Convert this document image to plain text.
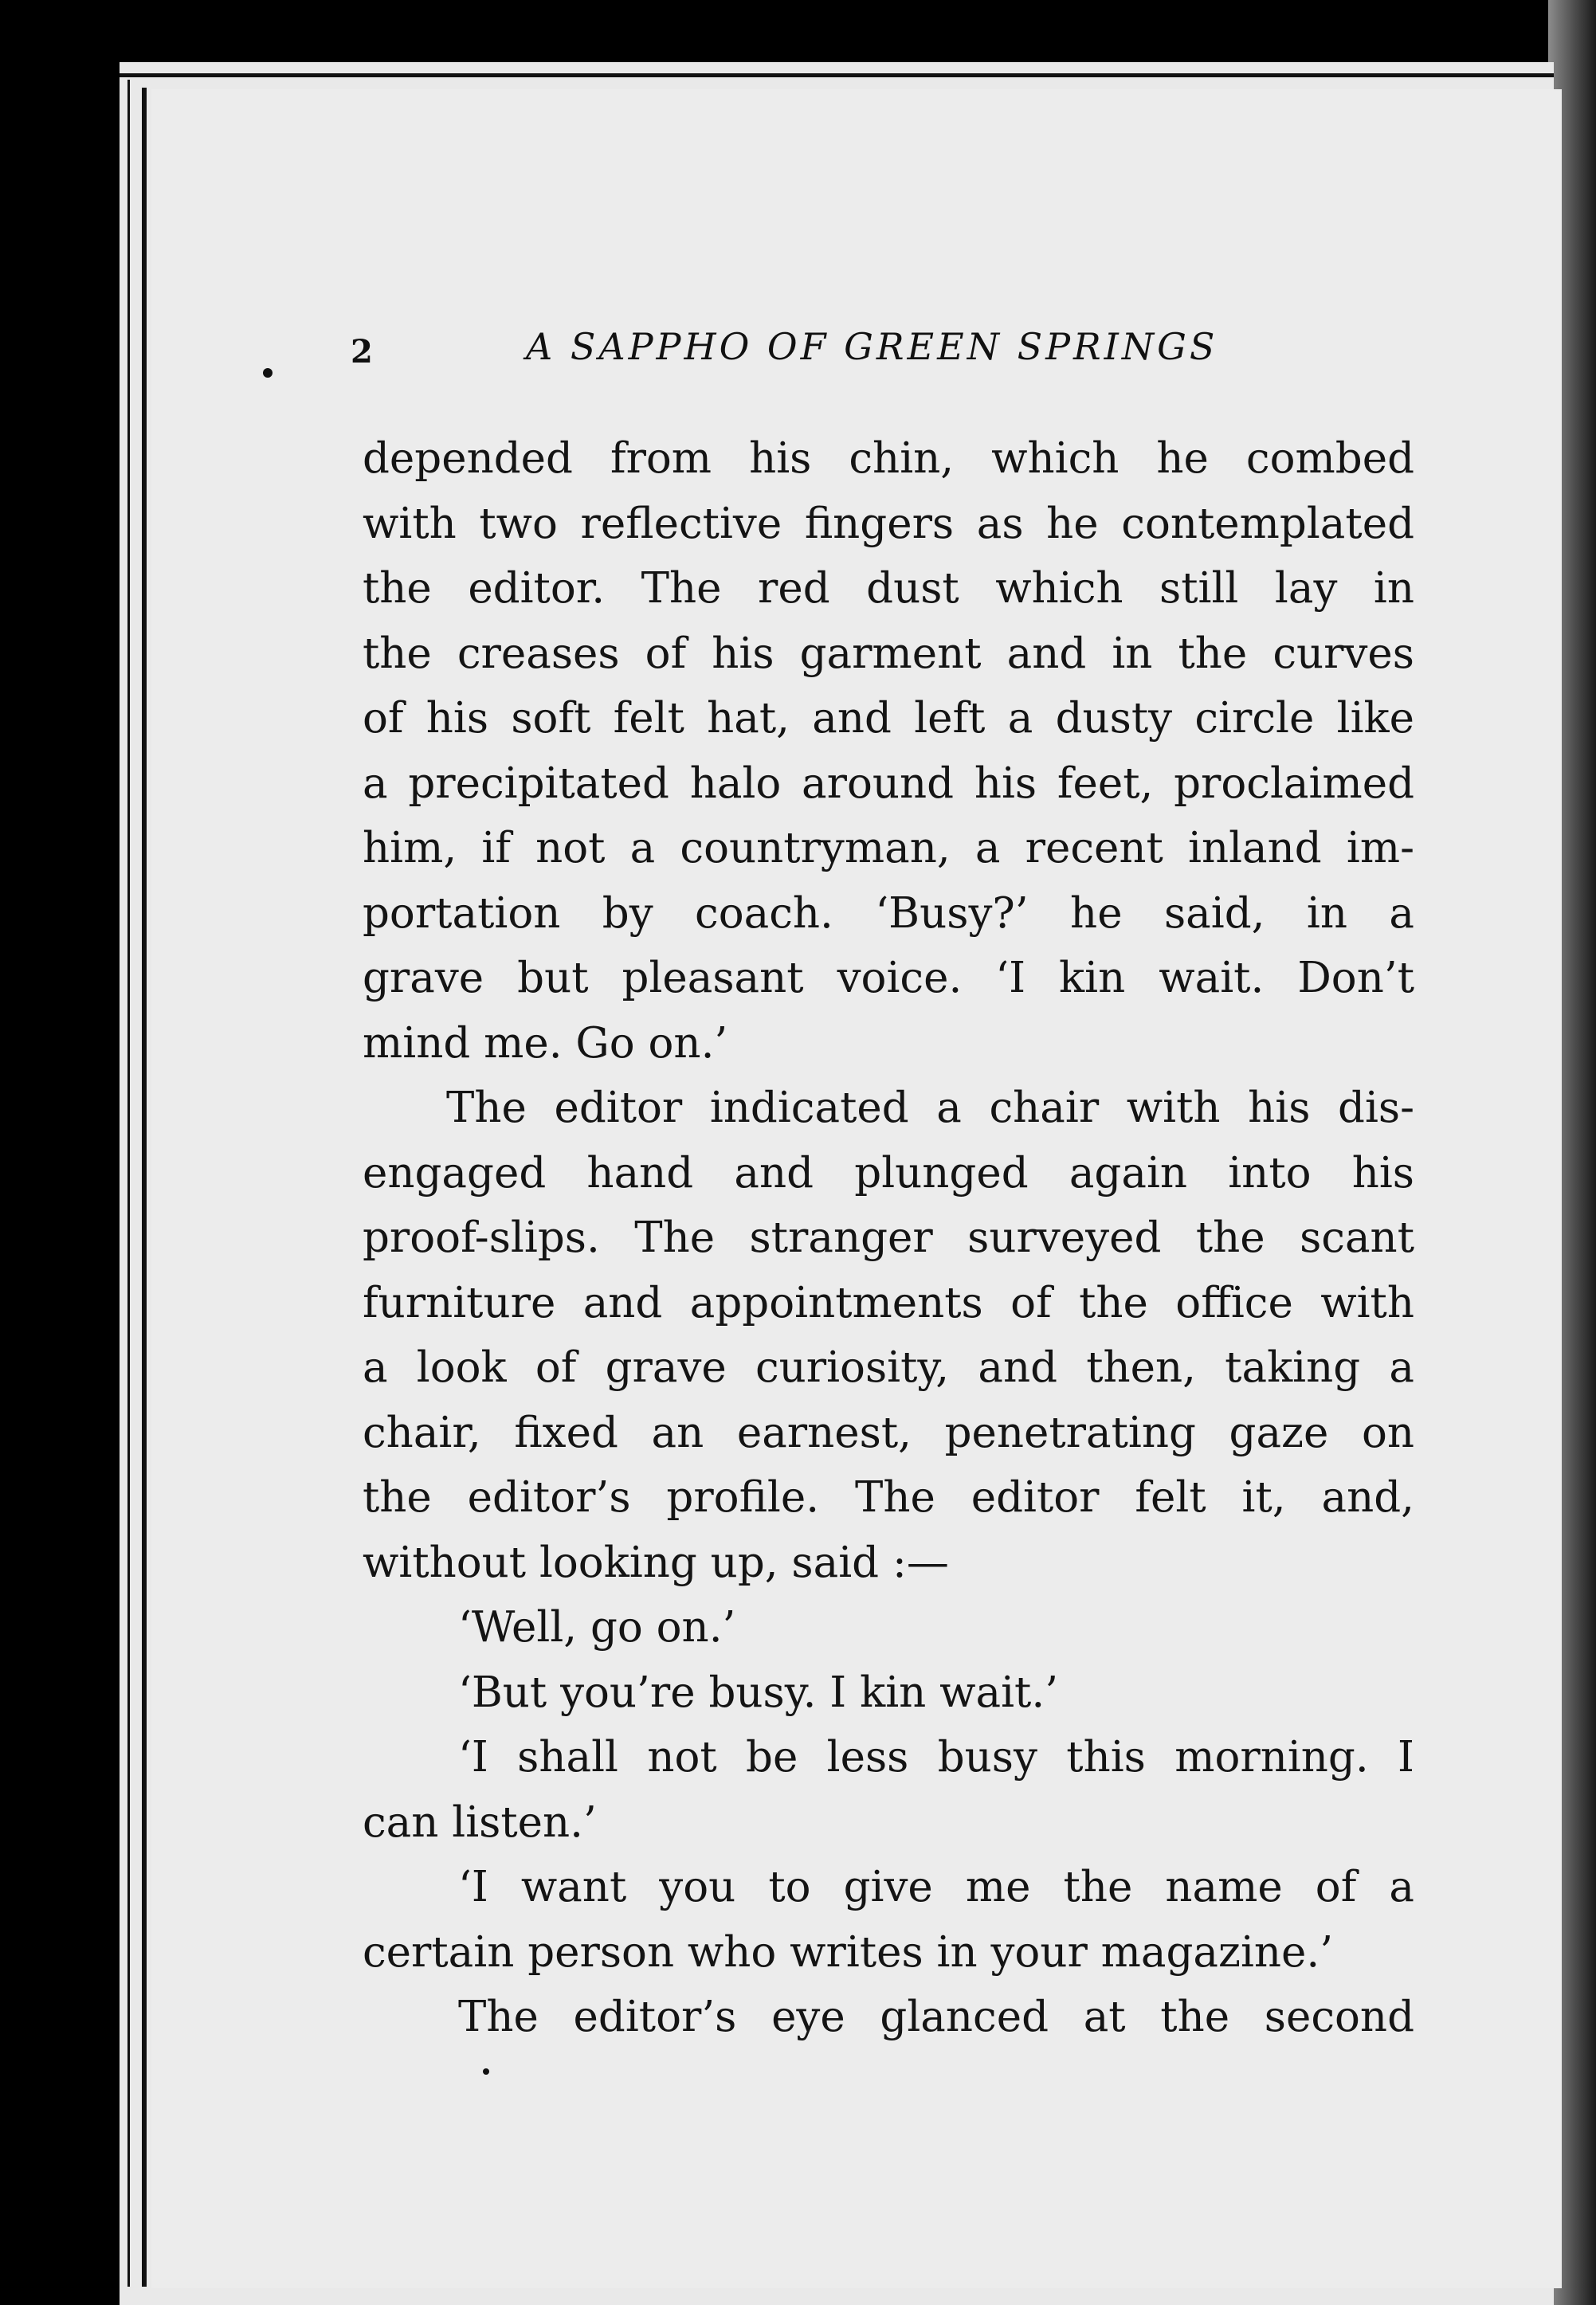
2	A SAPPHO OF GREEN SPRINGS
depended from his chin, which he combed
with two reflective fingers as he contemplated
the editor. The red dust which still lay in
the creases of his garment and in the curves
of his soft felt hat, and left a dusty circle like
a precipitated halo around his feet, proclaimed
him, if not a countryman, a recent inland im-
portation by coach. ‘Busy?’ he said, in a
grave but pleasant voice. ‘I kin wait. Don’t
mind me. Go on.’
The editor indicated a chair with his dis-
engaged hand and plunged again into his
proof-slips. The stranger surveyed the scant
furniture and appointments of the office with
a look of grave curiosity, and then, taking a
chair, fixed an earnest, penetrating gaze on
the editor’s profile. The editor felt it, and,
without looking up, said :—
‘Well, go on.’
‘But you’re busy. I kin wait.’
‘I shall not be less busy this morning. I
can listen.’
‘I want you to give me the name of a
certain person who writes in your magazine.’
The editor’s eye glanced at the second
